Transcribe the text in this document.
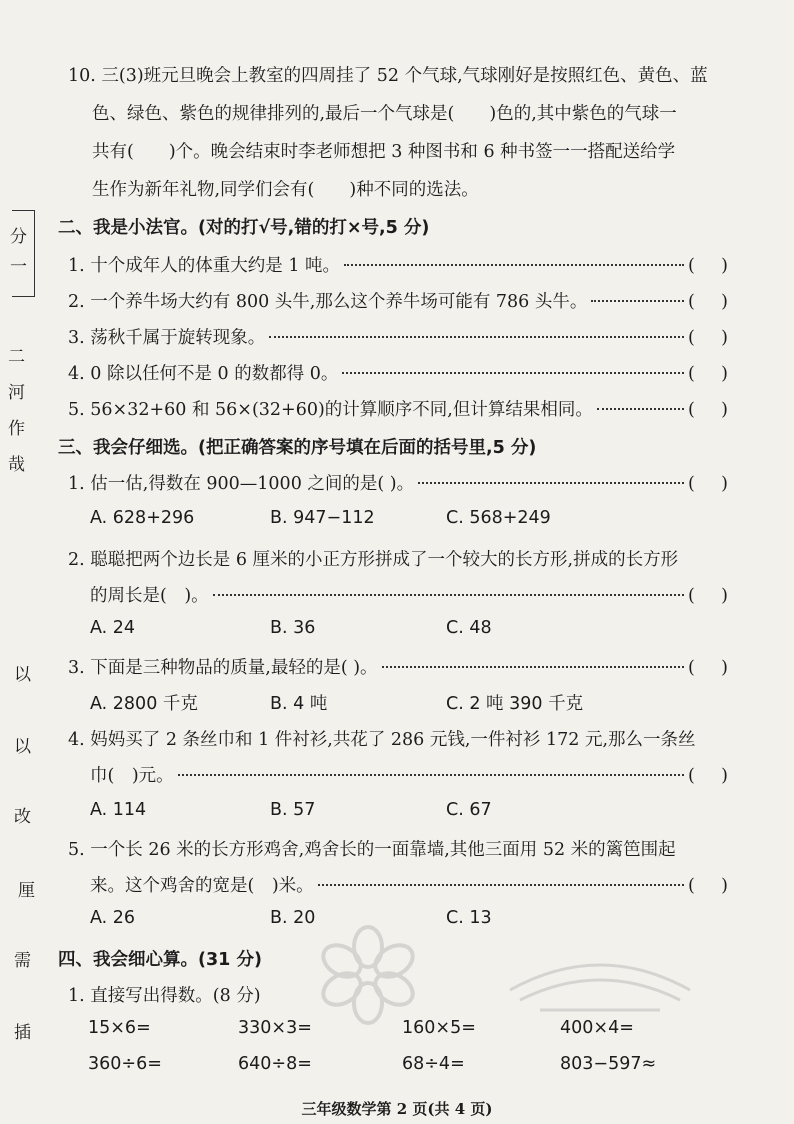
分
一
二
河
作
哉
以
以
改
厘
需
插
10. 三(3)班元旦晚会上教室的四周挂了 52 个气球,气球刚好是按照红色、黄色、蓝
色、绿色、紫色的规律排列的,最后一个气球是(　　)色的,其中紫色的气球一
共有(　　)个。晚会结束时李老师想把 3 种图书和 6 种书签一一搭配送给学
生作为新年礼物,同学们会有(　　)种不同的选法。
二、我是小法官。(对的打√号,错的打×号,5 分)
1. 十个成年人的体重大约是 1 吨。	( )
2. 一个养牛场大约有 800 头牛,那么这个养牛场可能有 786 头牛。	( )
3. 荡秋千属于旋转现象。	( )
4. 0 除以任何不是 0 的数都得 0。	( )
5. 56×32+60 和 56×(32+60)的计算顺序不同,但计算结果相同。	( )
三、我会仔细选。(把正确答案的序号填在后面的括号里,5 分)
1. 估一估,得数在 900—1000 之间的是( )。	( )
A. 628+296	B. 947−112	C. 568+249
2. 聪聪把两个边长是 6 厘米的小正方形拼成了一个较大的长方形,拼成的长方形
的周长是(　)。	( )
A. 24	B. 36	C. 48
3. 下面是三种物品的质量,最轻的是( )。	( )
A. 2800 千克	B. 4 吨	C. 2 吨 390 千克
4. 妈妈买了 2 条丝巾和 1 件衬衫,共花了 286 元钱,一件衬衫 172 元,那么一条丝
巾(　)元。	( )
A. 114	B. 57	C. 67
5. 一个长 26 米的长方形鸡舍,鸡舍长的一面靠墙,其他三面用 52 米的篱笆围起
来。这个鸡舍的宽是(　)米。	( )
A. 26	B. 20	C. 13
四、我会细心算。(31 分)
1. 直接写出得数。(8 分)
15×6=	330×3=	160×5=	400×4=
360÷6=	640÷8=	68÷4=	803−597≈
三年级数学第 2 页(共 4 页)
